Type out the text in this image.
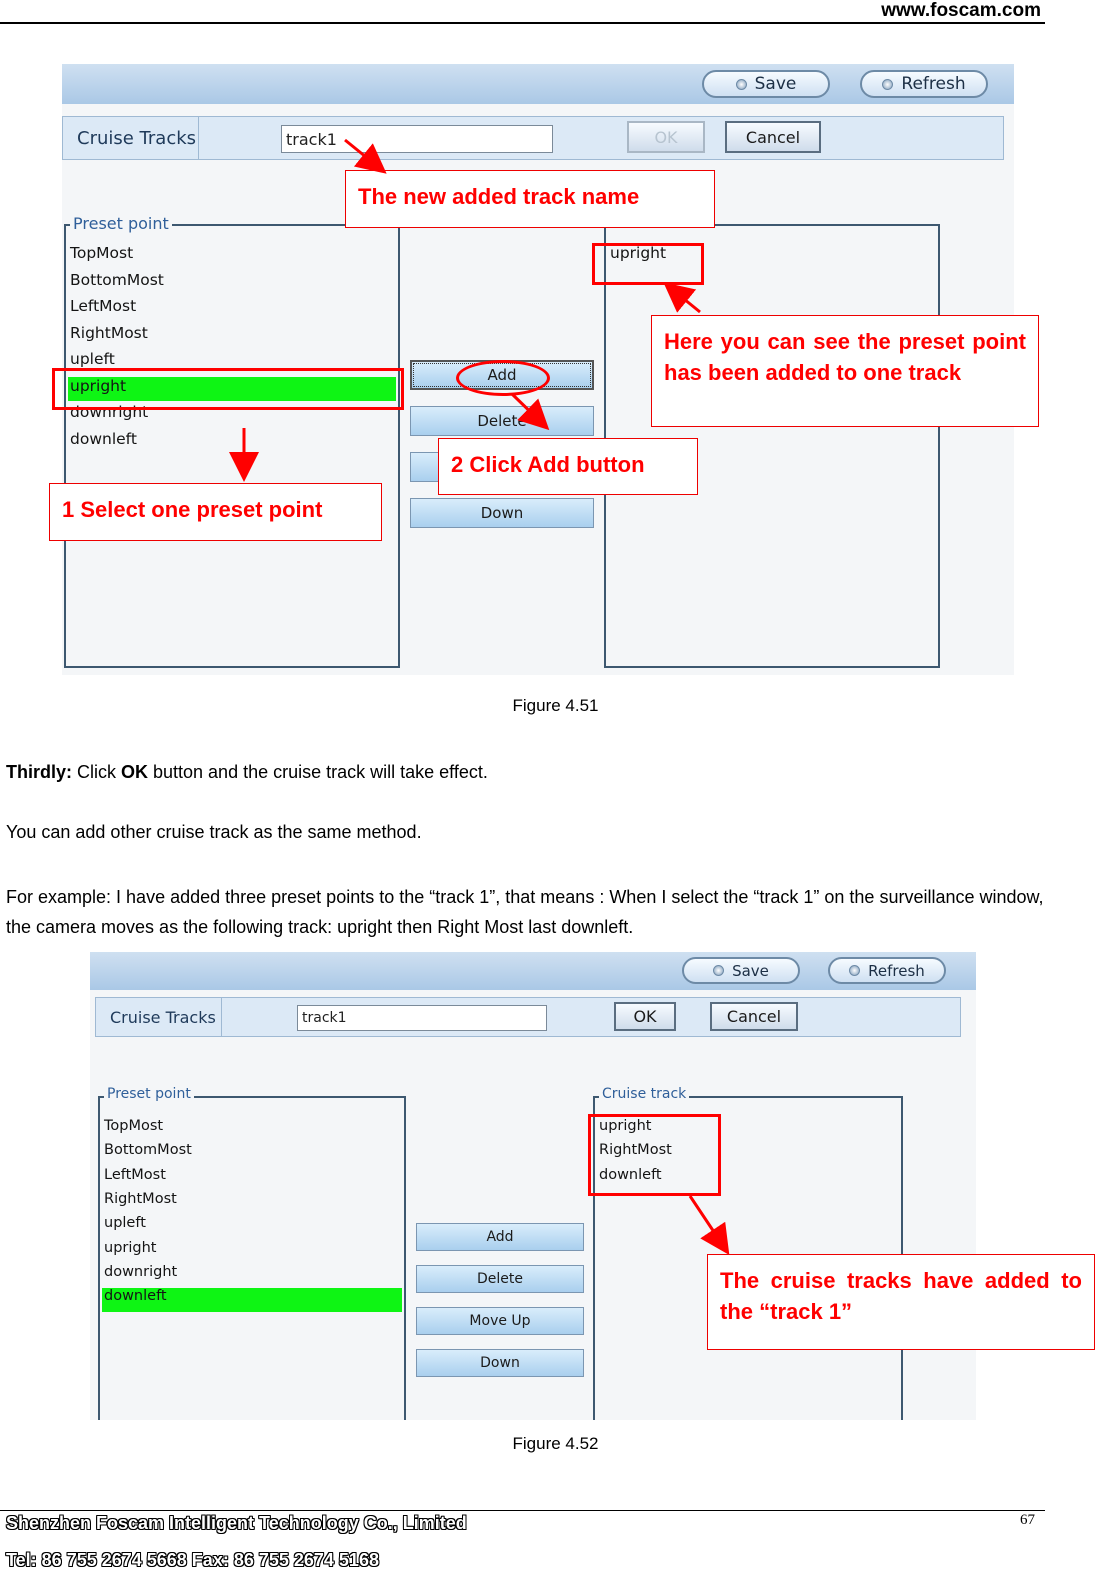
www.foscam.com
Save	Refresh
Cruise Tracks	track1	OK	Cancel
Preset point
TopMost
BottomMost
LeftMost
RightMost
upleft
upright
downright
downleft
upright
Add
Delete
Down
The new added track name
Here you can see the preset point has been added to one track
2 Click Add button
1 Select one preset point
Figure 4.51
Thirdly: Click OK button and the cruise track will take effect.
You can add other cruise track as the same method.
For example: I have added three preset points to the “track 1”, that means : When I select the “track 1” on the surveillance window, the camera moves as the following track: upright then Right Most last downleft.
Save	Refresh
Cruise Tracks	track1	OK	Cancel
Preset point
TopMost
BottomMost
LeftMost
RightMost
upleft
upright
downright
downleft
Cruise track
upright
RightMost
downleft
Add
Delete
Move Up
Down
The cruise tracks have added to the “track 1”
Figure 4.52
Shenzhen Foscam Intelligent Technology Co., Limited
Tel: 86 755 2674 5668 Fax: 86 755 2674 5168
67
